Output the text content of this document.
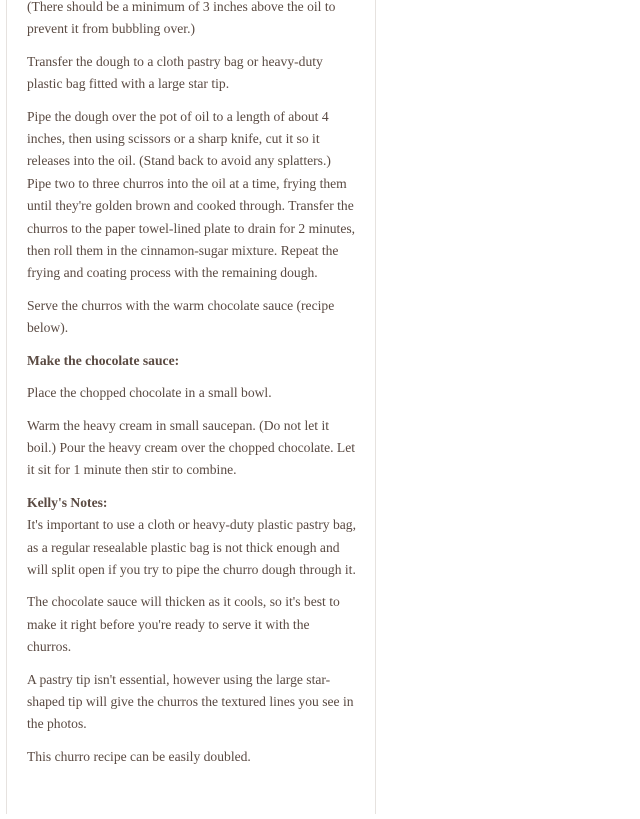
(There should be a minimum of 3 inches above the oil to prevent it from bubbling over.)

Transfer the dough to a cloth pastry bag or heavy-duty plastic bag fitted with a large star tip.

Pipe the dough over the pot of oil to a length of about 4 inches, then using scissors or a sharp knife, cut it so it releases into the oil. (Stand back to avoid any splatters.) Pipe two to three churros into the oil at a time, frying them until they're golden brown and cooked through. Transfer the churros to the paper towel-lined plate to drain for 2 minutes, then roll them in the cinnamon-sugar mixture. Repeat the frying and coating process with the remaining dough.

Serve the churros with the warm chocolate sauce (recipe below).

Make the chocolate sauce:

Place the chopped chocolate in a small bowl.

Warm the heavy cream in small saucepan. (Do not let it boil.) Pour the heavy cream over the chopped chocolate. Let it sit for 1 minute then stir to combine.

Kelly's Notes:
It's important to use a cloth or heavy-duty plastic pastry bag, as a regular resealable plastic bag is not thick enough and will split open if you try to pipe the churro dough through it.

The chocolate sauce will thicken as it cools, so it's best to make it right before you're ready to serve it with the churros.

A pastry tip isn't essential, however using the large star-shaped tip will give the churros the textured lines you see in the photos.

This churro recipe can be easily doubled.
